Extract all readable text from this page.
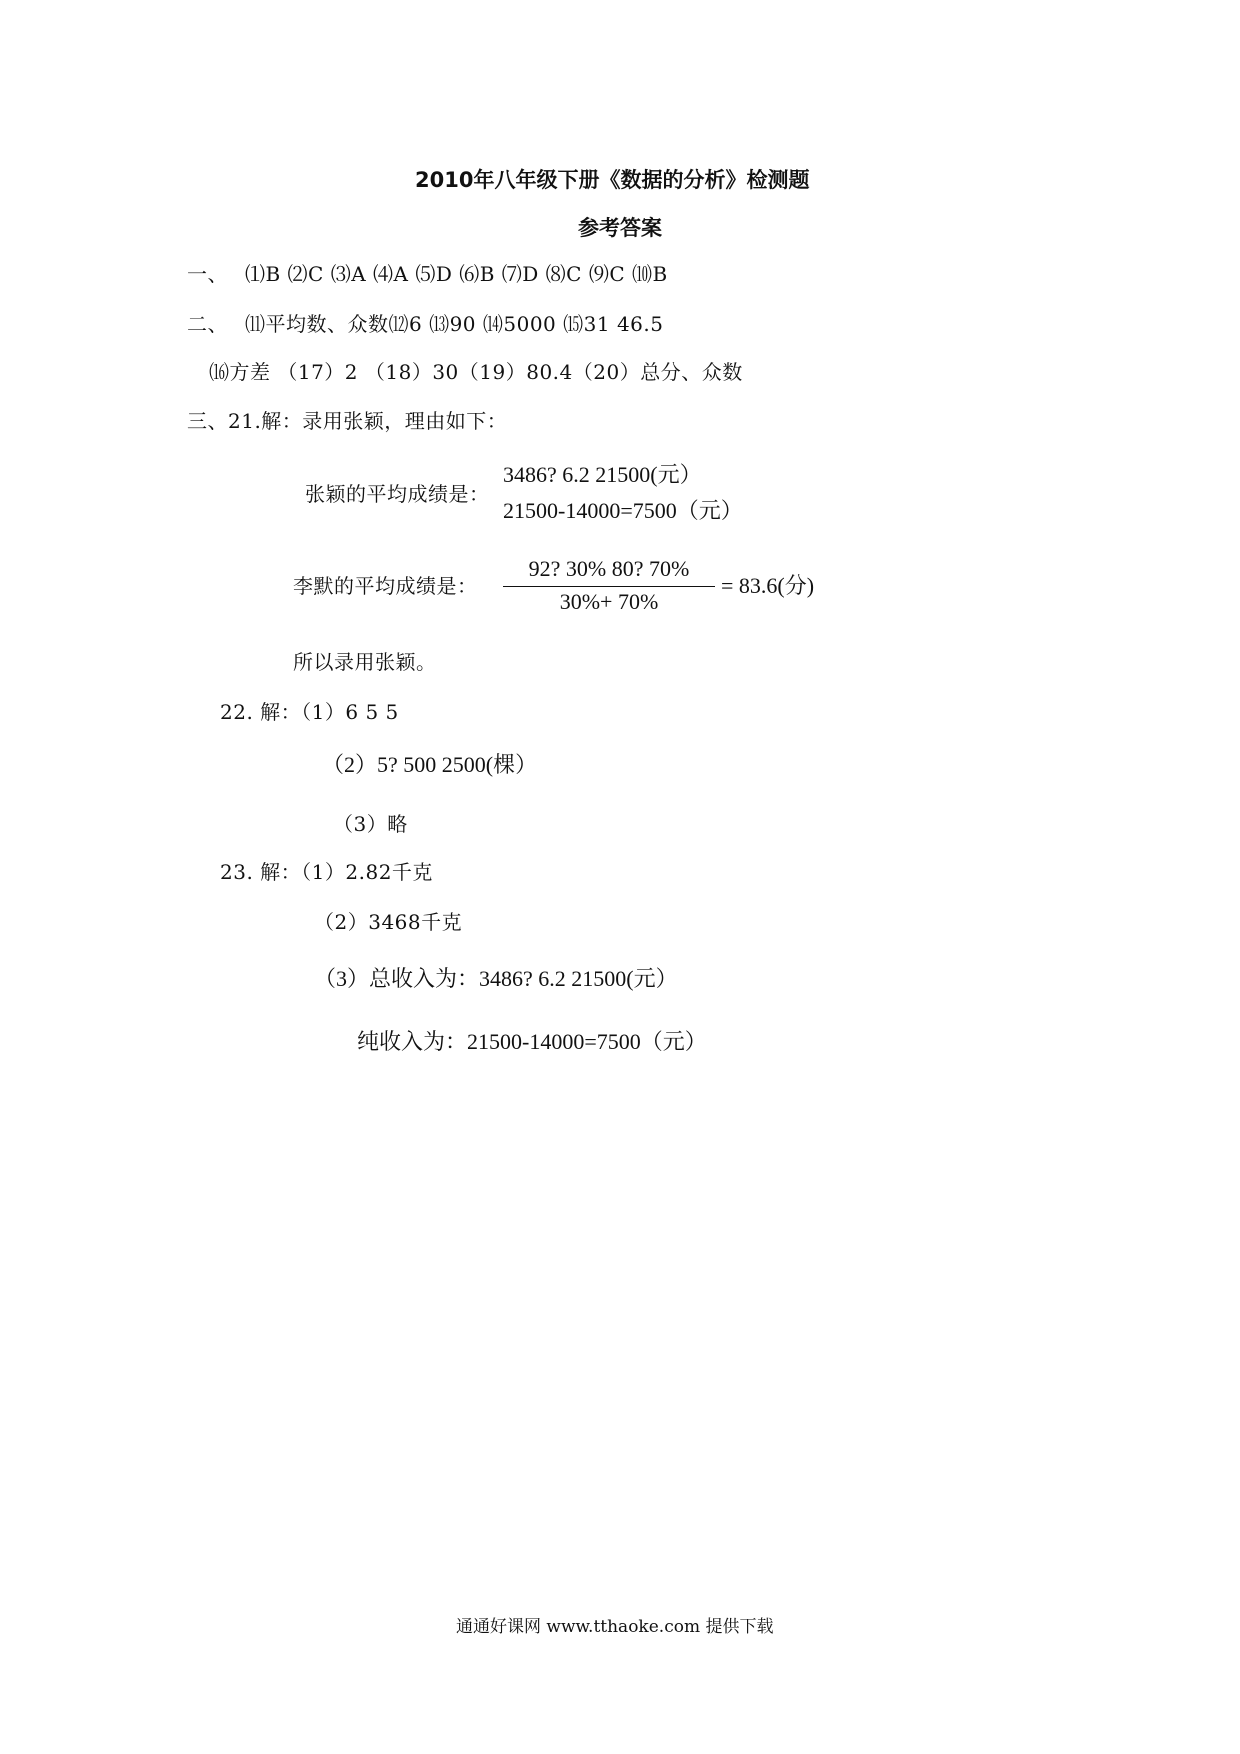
2010年八年级下册《数据的分析》检测题
参考答案
一、 ⑴B ⑵C ⑶A ⑷A ⑸D ⑹B ⑺D ⑻C ⑼C ⑽B
二、 ⑾平均数、众数⑿6 ⒀90 ⒁5000 ⒂31 46.5
⒃方差 （17）2 （18）30（19）80.4（20）总分、众数
三、21.解：录用张颖，理由如下：
张颖的平均成绩是：
3486? 6.2 21500(元）
21500-14000=7500（元）
李默的平均成绩是：
92? 30% 80? 70%
30%+ 70%
= 83.6(分)
所以录用张颖。
22. 解：（1）6 5 5
（2）5? 500 2500(棵）
（3）略
23. 解：（1）2.82千克
（2）3468千克
（3）总收入为：3486? 6.2 21500(元）
纯收入为：21500-14000=7500（元）
通通好课网 www.tthaoke.com 提供下载
